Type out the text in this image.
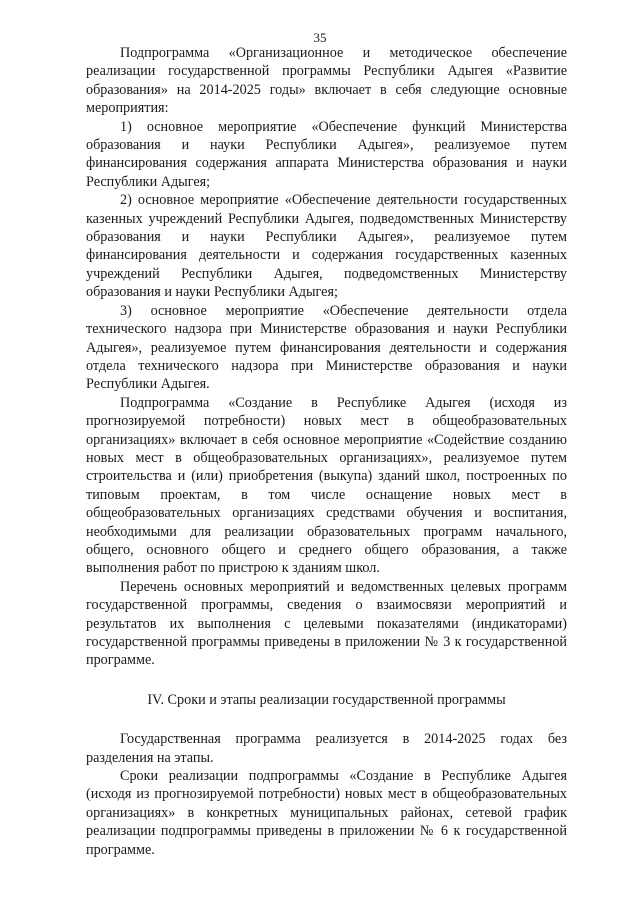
35

Подпрограмма «Организационное и методическое обеспечение реализации государственной программы Республики Адыгея «Развитие образования» на 2014-2025 годы» включает в себя следующие основные мероприятия:

1) основное мероприятие «Обеспечение функций Министерства образования и науки Республики Адыгея», реализуемое путем финансирования содержания аппарата Министерства образования и науки Республики Адыгея;

2) основное мероприятие «Обеспечение деятельности государственных казенных учреждений Республики Адыгея, подведомственных Министерству образования и науки Республики Адыгея», реализуемое путем финансирования деятельности и содержания государственных казенных учреждений Республики Адыгея, подведомственных Министерству образования и науки Республики Адыгея;

3) основное мероприятие «Обеспечение деятельности отдела технического надзора при Министерстве образования и науки Республики Адыгея», реализуемое путем финансирования деятельности и содержания отдела технического надзора при Министерстве образования и науки Республики Адыгея.

Подпрограмма «Создание в Республике Адыгея (исходя из прогнозируемой потребности) новых мест в общеобразовательных организациях» включает в себя основное мероприятие «Содействие созданию новых мест в общеобразовательных организациях», реализуемое путем строительства и (или) приобретения (выкупа) зданий школ, построенных по типовым проектам, в том числе оснащение новых мест в общеобразовательных организациях средствами обучения и воспитания, необходимыми для реализации образовательных программ начального, общего, основного общего и среднего общего образования, а также выполнения работ по пристрою к зданиям школ.

Перечень основных мероприятий и ведомственных целевых программ государственной программы, сведения о взаимосвязи мероприятий и результатов их выполнения с целевыми показателями (индикаторами) государственной программы приведены в приложении № 3 к государственной программе.

IV. Сроки и этапы реализации государственной программы

Государственная программа реализуется в 2014-2025 годах без разделения на этапы.

Сроки реализации подпрограммы «Создание в Республике Адыгея (исходя из прогнозируемой потребности) новых мест в общеобразовательных организациях» в конкретных муниципальных районах, сетевой график реализации подпрограммы приведены в приложении № 6 к государственной программе.
